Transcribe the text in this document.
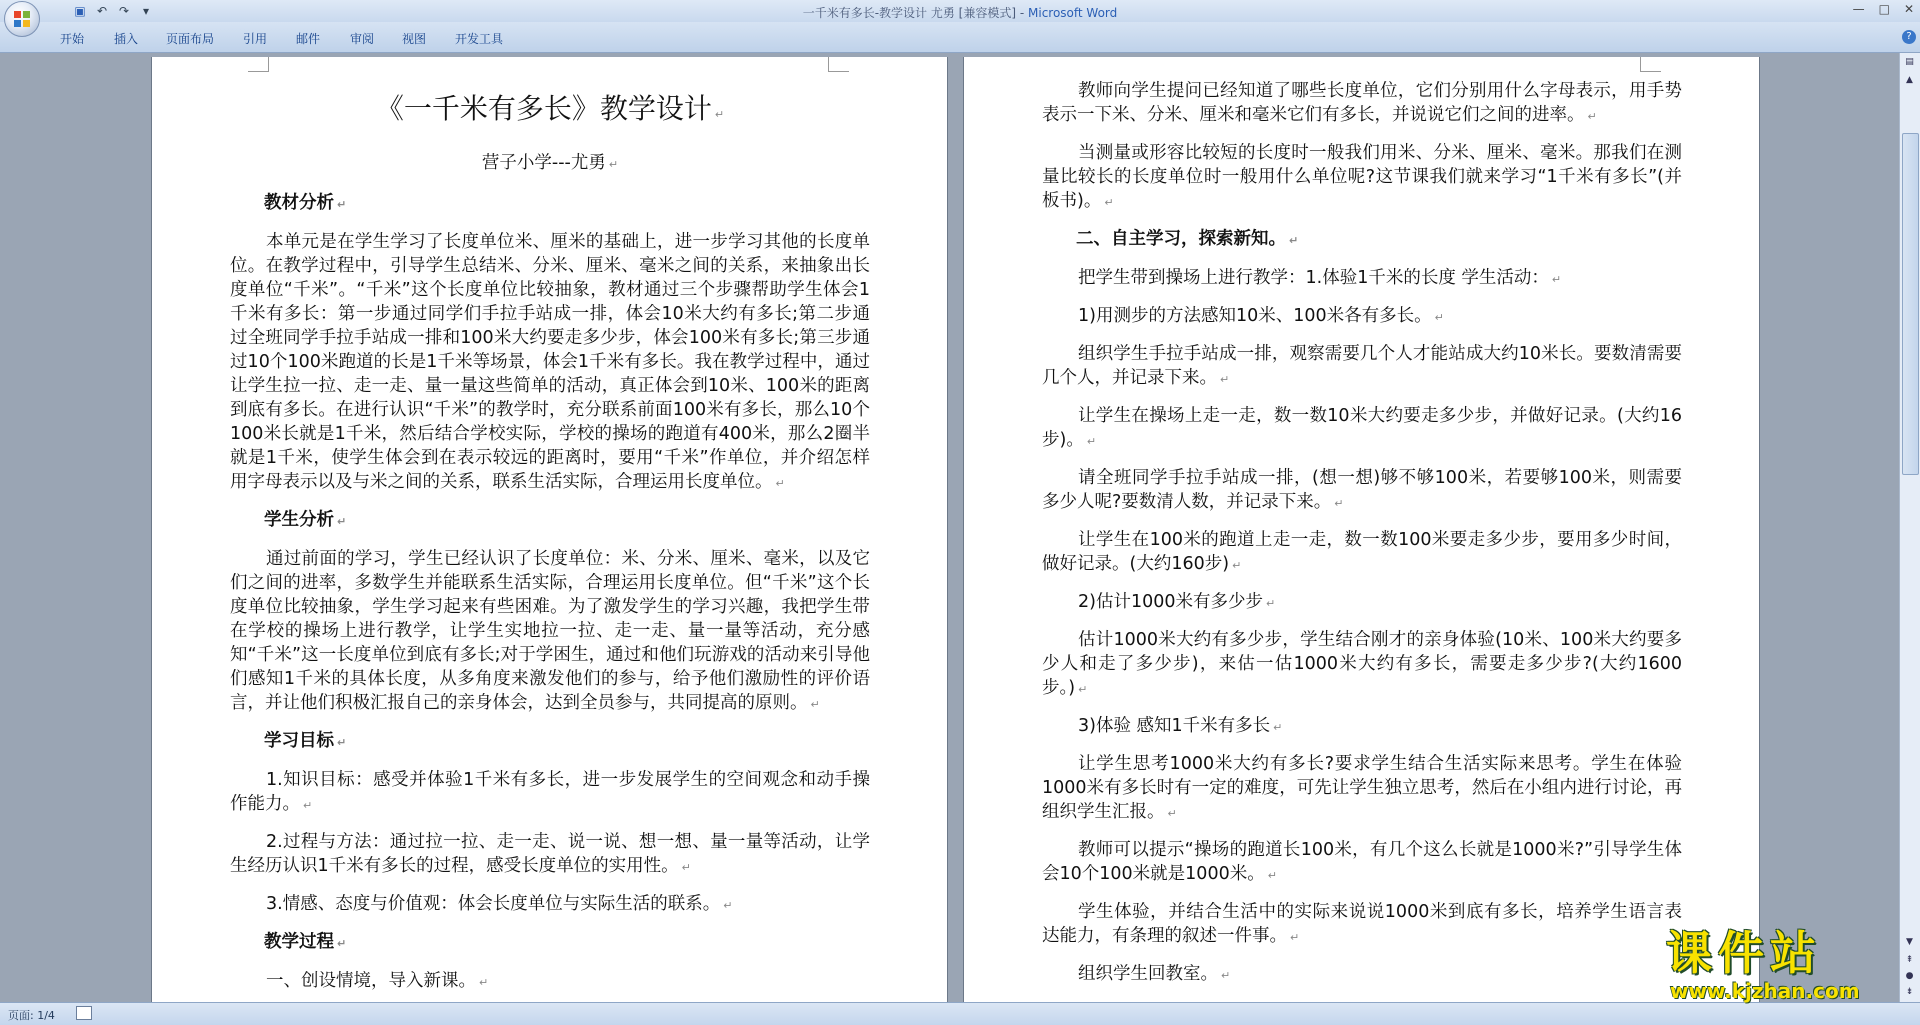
▣ ↶ ↷	▾	一千米有多长-教学设计 尤勇 [兼容模式] - Microsoft Word	— □ ✕
开始 插入 页面布局 引用 邮件 审阅 视图 开发工具	?

《一千米有多长》教学设计 ↵

营子小学---尤勇 ↵

教材分析 ↵

本单元是在学生学习了长度单位米、厘米的基础上，进一步学习其他的长度单位。在教学过程中，引导学生总结米、分米、厘米、毫米之间的关系，来抽象出长度单位“千米”。“千米”这个长度单位比较抽象，教材通过三个步骤帮助学生体会1千米有多长：第一步通过同学们手拉手站成一排，体会10米大约有多长;第二步通过全班同学手拉手站成一排和100米大约要走多少步，体会100米有多长;第三步通过10个100米跑道的长是1千米等场景，体会1千米有多长。我在教学过程中，通过让学生拉一拉、走一走、量一量这些简单的活动，真正体会到10米、100米的距离到底有多长。在进行认识“千米”的教学时，充分联系前面100米有多长，那么10个100米长就是1千米，然后结合学校实际，学校的操场的跑道有400米，那么2圈半就是1千米，使学生体会到在表示较远的距离时，要用“千米”作单位，并介绍怎样用字母表示以及与米之间的关系，联系生活实际，合理运用长度单位。 ↵

学生分析 ↵

通过前面的学习，学生已经认识了长度单位：米、分米、厘米、毫米，以及它们之间的进率，多数学生并能联系生活实际，合理运用长度单位。但“千米”这个长度单位比较抽象，学生学习起来有些困难。为了激发学生的学习兴趣，我把学生带在学校的操场上进行教学，让学生实地拉一拉、走一走、量一量等活动，充分感知“千米”这一长度单位到底有多长;对于学困生，通过和他们玩游戏的活动来引导他们感知1千米的具体长度，从多角度来激发他们的参与，给予他们激励性的评价语言，并让他们积极汇报自己的亲身体会，达到全员参与，共同提高的原则。 ↵

学习目标 ↵

1.知识目标：感受并体验1千米有多长，进一步发展学生的空间观念和动手操作能力。 ↵

2.过程与方法：通过拉一拉、走一走、说一说、想一想、量一量等活动，让学生经历认识1千米有多长的过程，感受长度单位的实用性。 ↵

3.情感、态度与价值观：体会长度单位与实际生活的联系。 ↵

教学过程 ↵

一、创设情境，导入新课。 ↵

教师向学生提问已经知道了哪些长度单位，它们分别用什么字母表示，用手势表示一下米、分米、厘米和毫米它们有多长，并说说它们之间的进率。 ↵

当测量或形容比较短的长度时一般我们用米、分米、厘米、毫米。那我们在测量比较长的长度单位时一般用什么单位呢?这节课我们就来学习“1千米有多长”(并板书)。 ↵

二、自主学习，探索新知。 ↵

把学生带到操场上进行教学：1.体验1千米的长度 学生活动： ↵

1)用测步的方法感知10米、100米各有多长。 ↵

组织学生手拉手站成一排，观察需要几个人才能站成大约10米长。要数清需要几个人，并记录下来。 ↵

让学生在操场上走一走，数一数10米大约要走多少步，并做好记录。(大约16步)。 ↵

请全班同学手拉手站成一排，(想一想)够不够100米，若要够100米，则需要多少人呢?要数清人数，并记录下来。 ↵

让学生在100米的跑道上走一走，数一数100米要走多少步，要用多少时间，做好记录。(大约160步) ↵

2)估计1000米有多少步 ↵

估计1000米大约有多少步，学生结合刚才的亲身体验(10米、100米大约要多少人和走了多少步)，来估一估1000米大约有多长，需要走多少步?(大约1600步。) ↵

3)体验 感知1千米有多长 ↵

让学生思考1000米大约有多长?要求学生结合生活实际来思考。学生在体验1000米有多长时有一定的难度，可先让学生独立思考，然后在小组内进行讨论，再组织学生汇报。 ↵

教师可以提示“操场的跑道长100米，有几个这么长就是1000米?”引导学生体会10个100米就是1000米。 ↵

学生体验，并结合生活中的实际来说说1000米到底有多长，培养学生语言表达能力，有条理的叙述一件事。 ↵

组织学生回教室。 ↵

▤
▲
▼
⇞
●
⇟
页面: 1/4
课件站
www.kjzhan.com
